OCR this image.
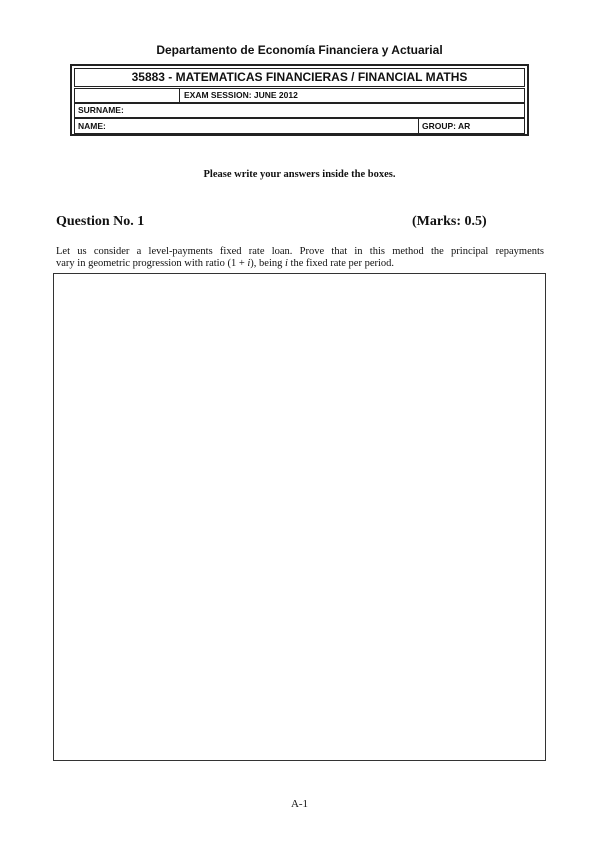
Departamento de Economía Financiera y Actuarial
35883 - MATEMATICAS FINANCIERAS / FINANCIAL MATHS
EXAM SESSION: JUNE 2012
SURNAME:
NAME:	GROUP: AR
Please write your answers inside the boxes.
Question No. 1	(Marks: 0.5)
Let us consider a level-payments fixed rate loan. Prove that in this method the principal repayments
vary in geometric progression with ratio (1 + i), being i the fixed rate per period.
A-1
